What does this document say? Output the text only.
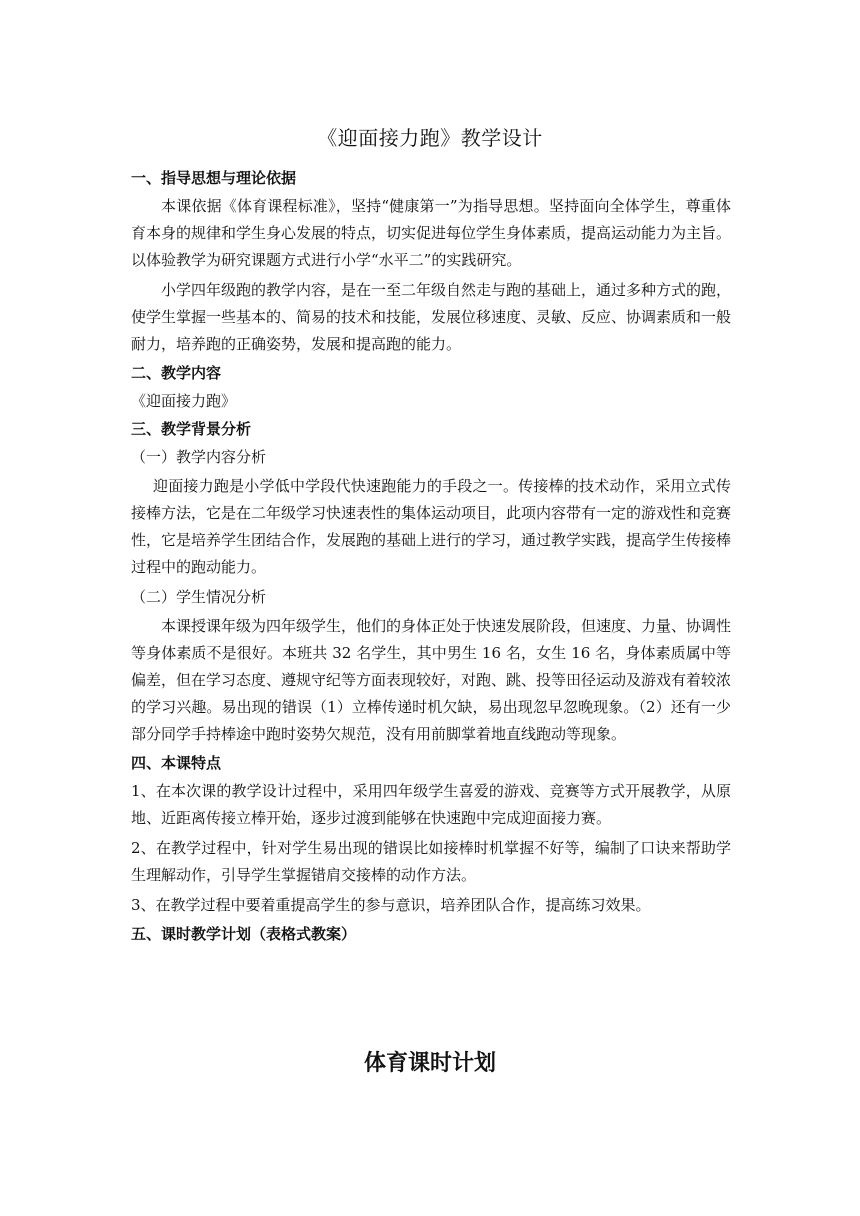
《迎面接力跑》教学设计

一、指导思想与理论依据

本课依据《体育课程标准》，坚持“健康第一”为指导思想。坚持面向全体学生，尊重体育本身的规律和学生身心发展的特点，切实促进每位学生身体素质，提高运动能力为主旨。以体验教学为研究课题方式进行小学“水平二”的实践研究。

小学四年级跑的教学内容，是在一至二年级自然走与跑的基础上，通过多种方式的跑，使学生掌握一些基本的、简易的技术和技能，发展位移速度、灵敏、反应、协调素质和一般耐力，培养跑的正确姿势，发展和提高跑的能力。

二、教学内容

《迎面接力跑》

三、教学背景分析

（一）教学内容分析

迎面接力跑是小学低中学段代快速跑能力的手段之一。传接棒的技术动作，采用立式传接棒方法，它是在二年级学习快速表性的集体运动项目，此项内容带有一定的游戏性和竞赛性，它是培养学生团结合作，发展跑的基础上进行的学习，通过教学实践，提高学生传接棒过程中的跑动能力。

（二）学生情况分析

本课授课年级为四年级学生，他们的身体正处于快速发展阶段，但速度、力量、协调性等身体素质不是很好。本班共 32 名学生，其中男生 16 名，女生 16 名，身体素质属中等偏差，但在学习态度、遵规守纪等方面表现较好，对跑、跳、投等田径运动及游戏有着较浓的学习兴趣。易出现的错误（1）立棒传递时机欠缺，易出现忽早忽晚现象。（2）还有一少部分同学手持棒途中跑时姿势欠规范，没有用前脚掌着地直线跑动等现象。

四、本课特点

1、在本次课的教学设计过程中，采用四年级学生喜爱的游戏、竞赛等方式开展教学，从原地、近距离传接立棒开始，逐步过渡到能够在快速跑中完成迎面接力赛。

2、在教学过程中，针对学生易出现的错误比如接棒时机掌握不好等，编制了口诀来帮助学生理解动作，引导学生掌握错肩交接棒的动作方法。

3、在教学过程中要着重提高学生的参与意识，培养团队合作，提高练习效果。

五、课时教学计划（表格式教案）

体育课时计划
